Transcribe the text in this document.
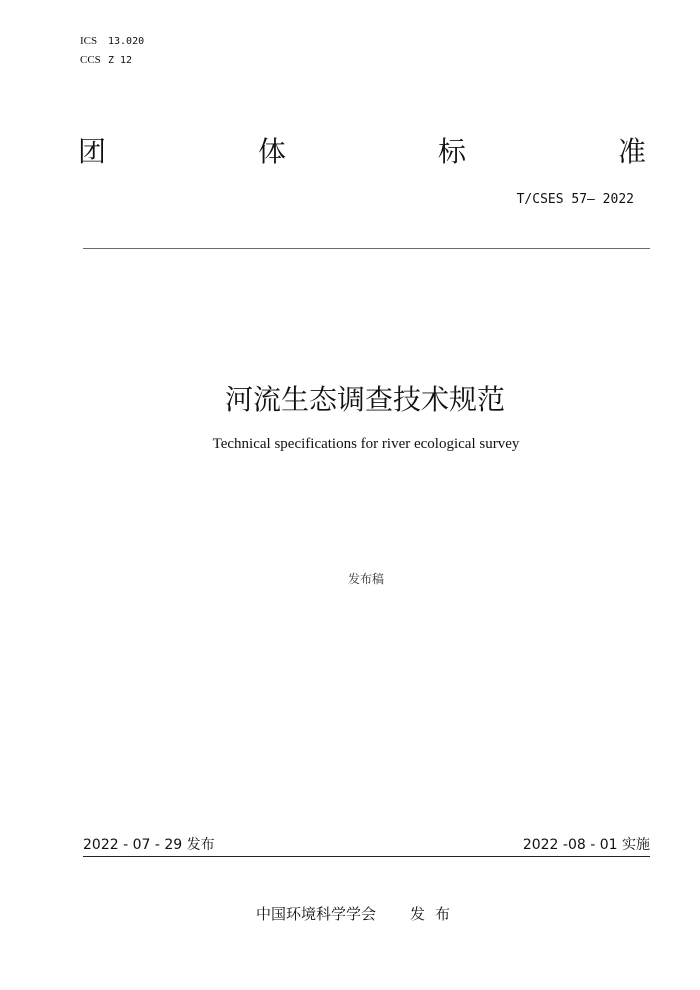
ICS 13.020
CCS Z 12
团	体	标	准
T/CSES 57— 2022
河流生态调查技术规范
Technical specifications for river ecological survey
发布稿
2022 - 07 - 29 发布	2022 -08 - 01 实施
中国环境科学学会 发布
